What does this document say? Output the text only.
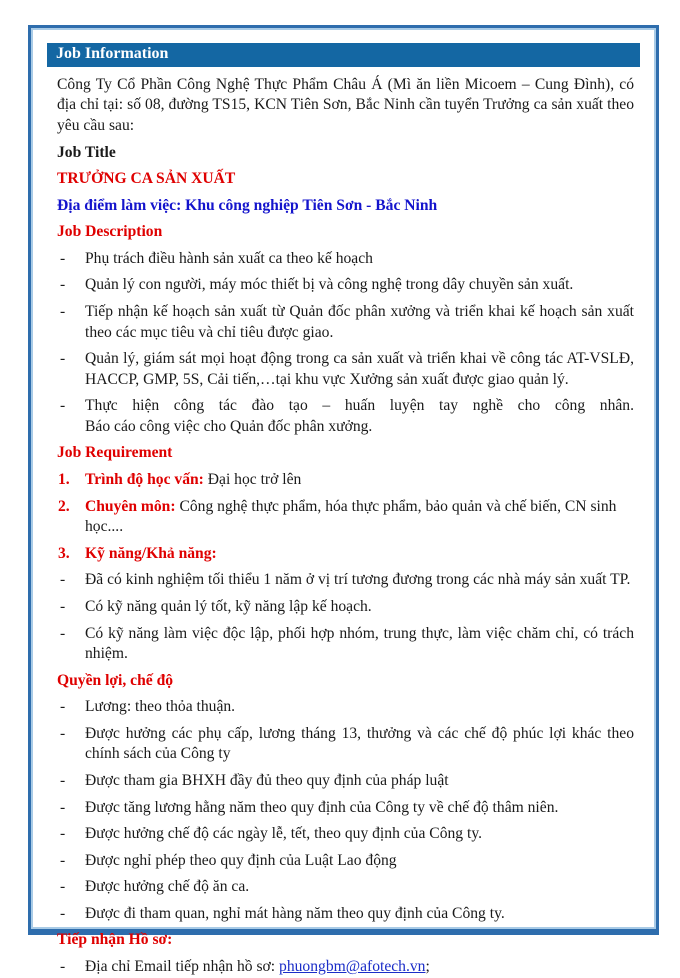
Job Information

Công Ty Cổ Phần Công Nghệ Thực Phẩm Châu Á (Mì ăn liền Micoem – Cung Đình), có địa chỉ tại: số 08, đường TS15, KCN Tiên Sơn, Bắc Ninh cần tuyển Trưởng ca sản xuất theo yêu cầu sau:

Job Title

TRƯỞNG CA SẢN XUẤT

Địa điểm làm việc: Khu công nghiệp Tiên Sơn - Bắc Ninh

Job Description

- Phụ trách điều hành sản xuất ca theo kế hoạch
- Quản lý con người, máy móc thiết bị và công nghệ trong dây chuyền sản xuất.
- Tiếp nhận kế hoạch sản xuất từ Quản đốc phân xưởng và triển khai kế hoạch sản xuất theo các mục tiêu và chỉ tiêu được giao.
- Quản lý, giám sát mọi hoạt động trong ca sản xuất và triển khai về công tác AT-VSLĐ, HACCP, GMP, 5S, Cải tiến,…tại khu vực Xưởng sản xuất được giao quản lý.
- Thực hiện công tác đào tạo – huấn luyện tay nghề cho công nhân.
Báo cáo công việc cho Quản đốc phân xưởng.

Job Requirement

1. Trình độ học vấn: Đại học trở lên
2. Chuyên môn: Công nghệ thực phẩm, hóa thực phẩm, bảo quản và chế biến, CN sinh học....
3. Kỹ năng/Khả năng:
- Đã có kinh nghiệm tối thiểu 1 năm ở vị trí tương đương trong các nhà máy sản xuất TP.
- Có kỹ năng quản lý tốt, kỹ năng lập kế hoạch.
- Có kỹ năng làm việc độc lập, phối hợp nhóm, trung thực, làm việc chăm chỉ, có trách nhiệm.

Quyền lợi, chế độ

- Lương: theo thỏa thuận.
- Được hưởng các phụ cấp, lương tháng 13, thưởng và các chế độ phúc lợi khác theo chính sách của Công ty
- Được tham gia BHXH đầy đủ theo quy định của pháp luật
- Được tăng lương hằng năm theo quy định của Công ty về chế độ thâm niên.
- Được hưởng chế độ các ngày lễ, tết, theo quy định của Công ty.
- Được nghỉ phép theo quy định của Luật Lao động
- Được hưởng chế độ ăn ca.
- Được đi tham quan, nghỉ mát hàng năm theo quy định của Công ty.

Tiếp nhận Hồ sơ:

- Địa chỉ Email tiếp nhận hồ sơ: phuongbm@afotech.vn;
